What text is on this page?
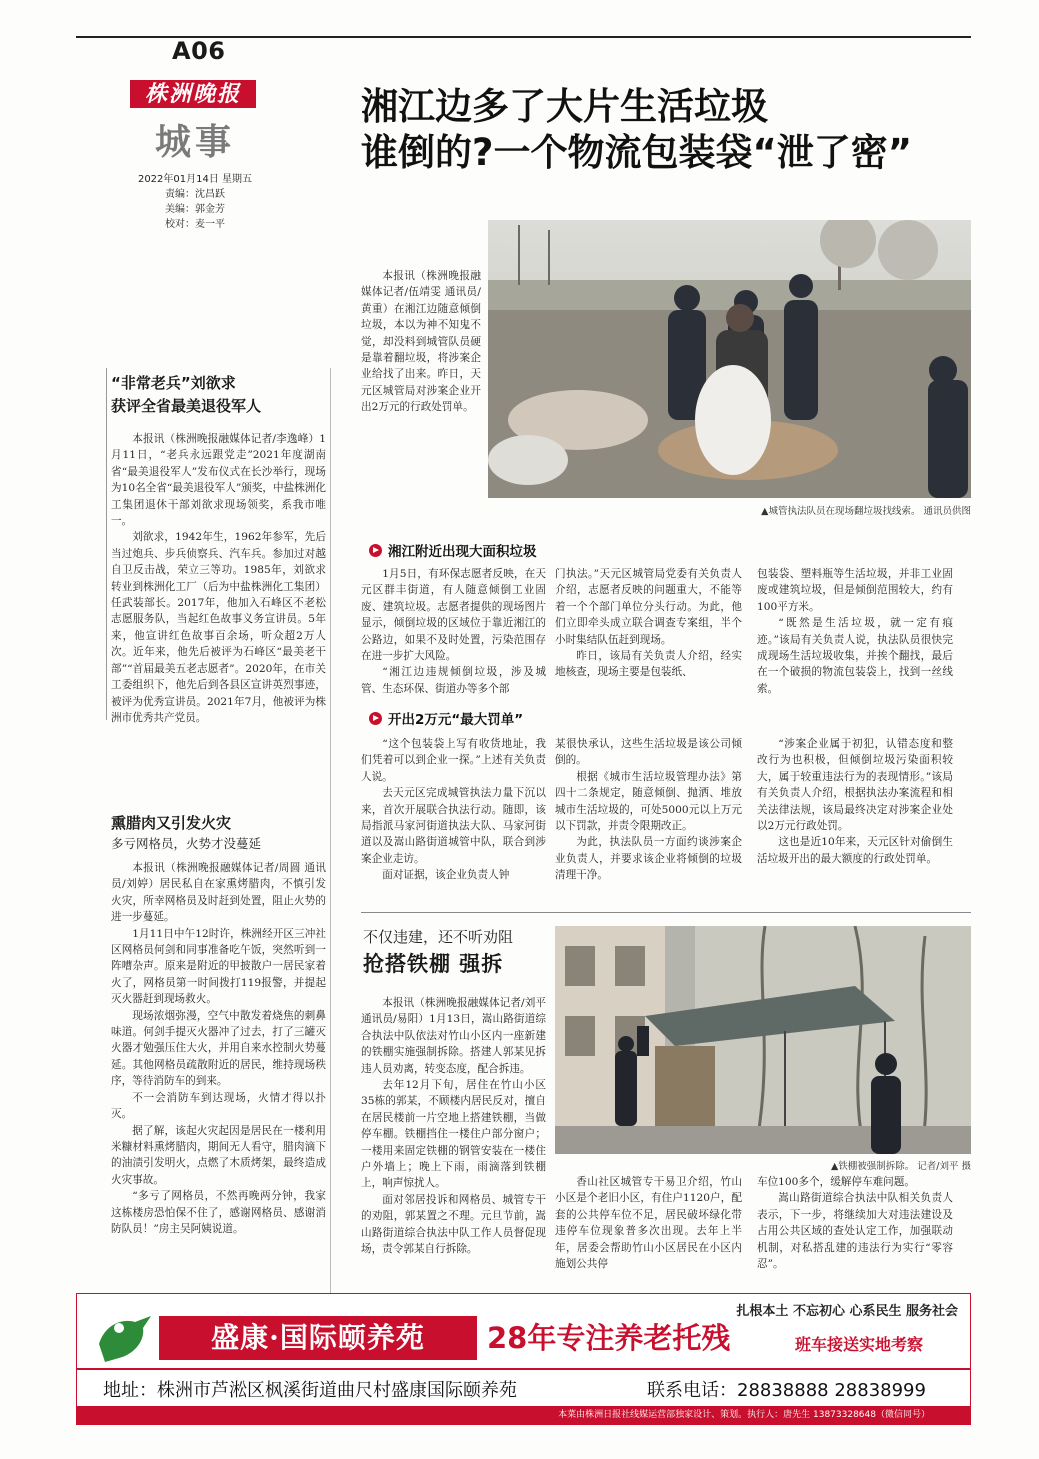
A06
株洲晚报
城事
2022年01月14日 星期五
责编：沈昌跃
美编：郭金芳
校对：麦一平
湘江边多了大片生活垃圾
谁倒的?一个物流包装袋“泄了密”
本报讯（株洲晚报融媒体记者/伍靖雯 通讯员/黄重）在湘江边随意倾倒垃圾，本以为神不知鬼不觉，却没料到城管队员硬是靠着翻垃圾，将涉案企业给找了出来。昨日，天元区城管局对涉案企业开出2万元的行政处罚单。
▲城管执法队员在现场翻垃圾找线索。 通讯员供图
湘江附近出现大面积垃圾

1月5日，有环保志愿者反映，在天元区群丰街道，有人随意倾倒工业固废、建筑垃圾。志愿者提供的现场图片显示，倾倒垃圾的区域位于靠近湘江的公路边，如果不及时处置，污染范围存在进一步扩大风险。

“湘江边违规倾倒垃圾，涉及城管、生态环保、街道办等多个部

门执法。”天元区城管局党委有关负责人介绍，志愿者反映的问题重大，不能等着一个个部门单位分头行动。为此，他们立即牵头成立联合调查专案组，半个小时集结队伍赶到现场。

昨日，该局有关负责人介绍，经实地核查，现场主要是包装纸、

包装袋、塑料瓶等生活垃圾，并非工业固废或建筑垃圾，但是倾倒范围较大，约有100平方米。

“既然是生活垃圾，就一定有痕迹。”该局有关负责人说，执法队员很快完成现场生活垃圾收集，并挨个翻找，最后在一个破损的物流包装袋上，找到一丝线索。

开出2万元“最大罚单”

“这个包装袋上写有收货地址，我们凭着可以到企业一探。”上述有关负责人说。

去天元区完成城管执法力量下沉以来，首次开展联合执法行动。随即，该局指派马家河街道执法大队、马家河街道以及嵩山路街道城管中队，联合到涉案企业走访。

面对证据，该企业负责人钟

某很快承认，这些生活垃圾是该公司倾倒的。

根据《城市生活垃圾管理办法》第四十二条规定，随意倾倒、抛洒、堆放城市生活垃圾的，可处5000元以上万元以下罚款，并责令限期改正。

为此，执法队员一方面约谈涉案企业负责人，并要求该企业将倾倒的垃圾清理干净。

“涉案企业属于初犯，认错态度和整改行为也积极，但倾倒垃圾污染面积较大，属于较重违法行为的表现情形。”该局有关负责人介绍，根据执法办案流程和相关法律法规，该局最终决定对涉案企业处以2万元行政处罚。

这也是近10年来，天元区针对偷倒生活垃圾开出的最大额度的行政处罚单。

“非常老兵”刘欲求
获评全省最美退役军人

本报讯（株洲晚报融媒体记者/李逸峰）1月11日，“老兵永远跟党走”2021年度湖南省“最美退役军人”发布仪式在长沙举行，现场为10名全省“最美退役军人”颁奖，中盐株洲化工集团退休干部刘欲求现场领奖，系我市唯一。

刘欲求，1942年生，1962年参军，先后当过炮兵、步兵侦察兵、汽车兵。参加过对越自卫反击战，荣立三等功。1985年，刘欲求转业到株洲化工厂（后为中盐株洲化工集团）任武装部长。2017年，他加入石峰区不老松志愿服务队，当起红色故事义务宣讲员。5年来，他宣讲红色故事百余场，听众超2万人次。近年来，他先后被评为石峰区“最美老干部”“首届最美五老志愿者”。2020年，在市关工委组织下，他先后到各县区宣讲英烈事迹，被评为优秀宣讲员。2021年7月，他被评为株洲市优秀共产党员。

熏腊肉又引发火灾
多亏网格员，火势才没蔓延

本报讯（株洲晚报融媒体记者/周圆 通讯员/刘婷）居民私自在家熏烤腊肉，不慎引发火灾，所幸网格员及时赶到处置，阻止火势的进一步蔓延。

1月11日中午12时许，株洲经开区三冲社区网格员何剑和同事准备吃午饭，突然听到一阵嘈杂声。原来是附近的甲披散户一居民家着火了，网格员第一时间拨打119报警，并提起灭火器赶到现场救火。

现场浓烟弥漫，空气中散发着烧焦的刺鼻味道。何剑手提灭火器冲了过去，打了三罐灭火器才勉强压住大火，并用自来水控制火势蔓延。其他网格员疏散附近的居民，维持现场秩序，等待消防车的到来。

不一会消防车到达现场，火情才得以扑灭。

据了解，该起火灾起因是居民在一楼利用米糠材料熏烤腊肉，期间无人看守，腊肉滴下的油渍引发明火，点燃了木质烤架，最终造成火灾事故。

“多亏了网格员，不然再晚两分钟，我家这栋楼房恐怕保不住了，感谢网格员、感谢消防队员！”房主吴阿姨说道。

不仅违建，还不听劝阻
抢搭铁棚 强拆

本报讯（株洲晚报融媒体记者/刘平 通讯员/易阳）1月13日，嵩山路街道综合执法中队依法对竹山小区内一座新建的铁棚实施强制拆除。搭建人郭某见拆违人员劝离，转变态度，配合拆违。

去年12月下旬，居住在竹山小区35栋的郭某，不顾楼内居民反对，擅自在居民楼前一片空地上搭建铁棚，当做停车棚。铁棚挡住一楼住户部分窗户；一楼用来固定铁棚的钢管安装在一楼住户外墙上；晚上下雨，雨滴落到铁棚上，响声惊扰人。

面对邻居投诉和网格员、城管专干的劝阻，郭某置之不理。元旦节前，嵩山路街道综合执法中队工作人员督促现场，责令郭某自行拆除。

▲铁棚被强制拆除。 记者/刘平 摄

香山社区城管专干易卫介绍，竹山小区是个老旧小区，有住户1120户，配套的公共停车位不足，居民破坏绿化带违停车位现象普多次出现。去年上半年，居委会帮助竹山小区居民在小区内施划公共停

车位100多个，缓解停车难问题。

嵩山路街道综合执法中队相关负责人表示，下一步，将继续加大对违法建设及占用公共区域的查处认定工作，加强联动机制，对私搭乱建的违法行为实行“零容忍”。

扎根本土 不忘初心 心系民生 服务社会
盛康·国际颐养苑	28年专注养老托残	班车接送实地考察
地址：株洲市芦淞区枫溪街道曲尺村盛康国际颐养苑	联系电话：28838888 28838999
本菜由株洲日报社线媒运营部独家设计、策划。执行人：唐先生 13873328648（微信同号）
